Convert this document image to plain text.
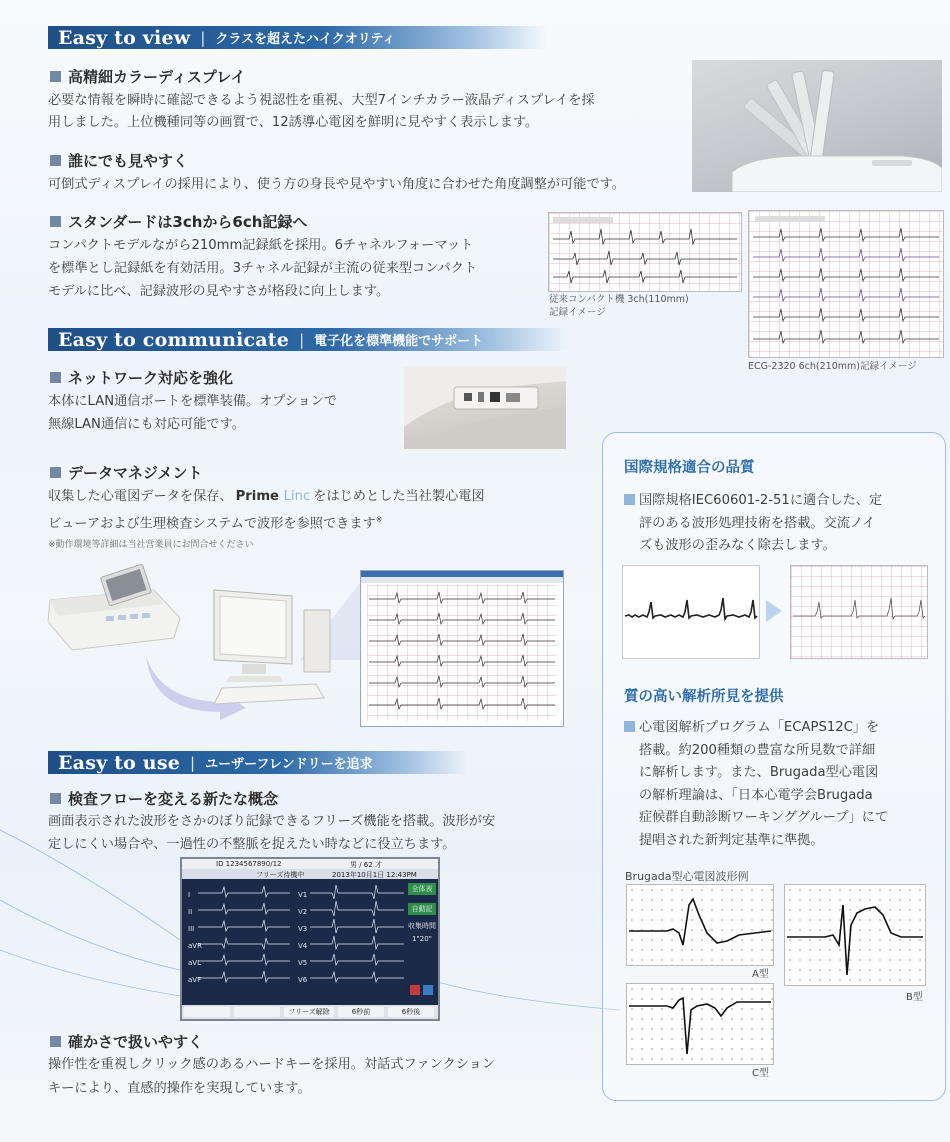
Easy to view | クラスを超えたハイクオリティ
高精細カラーディスプレイ
必要な情報を瞬時に確認できるよう視認性を重視、大型7インチカラー液晶ディスプレイを採
用しました。上位機種同等の画質で、12誘導心電図を鮮明に見やすく表示します。
誰にでも見やすく
可倒式ディスプレイの採用により、使う方の身長や見やすい角度に合わせた角度調整が可能です。
スタンダードは3chから6ch記録へ
コンパクトモデルながら210mm記録紙を採用。6チャネルフォーマット
を標準とし記録紙を有効活用。3チャネル記録が主流の従来型コンパクト
モデルに比べ、記録波形の見やすさが格段に向上します。
従来コンパクト機 3ch(110mm)
記録イメージ
ECG-2320 6ch(210mm)記録イメージ
Easy to communicate | 電子化を標準機能でサポート
ネットワーク対応を強化
本体にLAN通信ポートを標準装備。オプションで
無線LAN通信にも対応可能です。
データマネジメント
収集した心電図データを保存、 Prime Linc をはじめとした当社製心電図
ビューアおよび生理検査システムで波形を参照できます※
※動作環境等詳細は当社営業員にお問合せください
Easy to use | ユーザーフレンドリーを追求
検査フローを変える新たな概念
画面表示された波形をさかのぼり記録できるフリーズ機能を搭載。波形が安
定しにくい場合や、一過性の不整脈を捉えたい時などに役立ちます。
ID 1234567890/12	男 / 62 才
フリーズ待機中	2013年10月1日 12:43PM
I
II
III
aVR
aVL
aVF
V1
V2
V3
V4
V5
V6
全体表
自動記
収集時間
1"20"
フリーズ解除	6秒前	6秒後
確かさで扱いやすく
操作性を重視しクリック感のあるハードキーを採用。対話式ファンクション
キーにより、直感的操作を実現しています。
国際規格適合の品質
国際規格IEC60601-2-51に適合した、定
評のある波形処理技術を搭載。交流ノイ
ズも波形の歪みなく除去します。
質の高い解析所見を提供
心電図解析プログラム「ECAPS12C」を
搭載。約200種類の豊富な所見数で詳細
に解析します。また、Brugada型心電図
の解析理論は、「日本心電学会Brugada
症候群自動診断ワーキンググループ」にて
提唱された新判定基準に準拠。
Brugada型心電図波形例
A型
B型
C型
